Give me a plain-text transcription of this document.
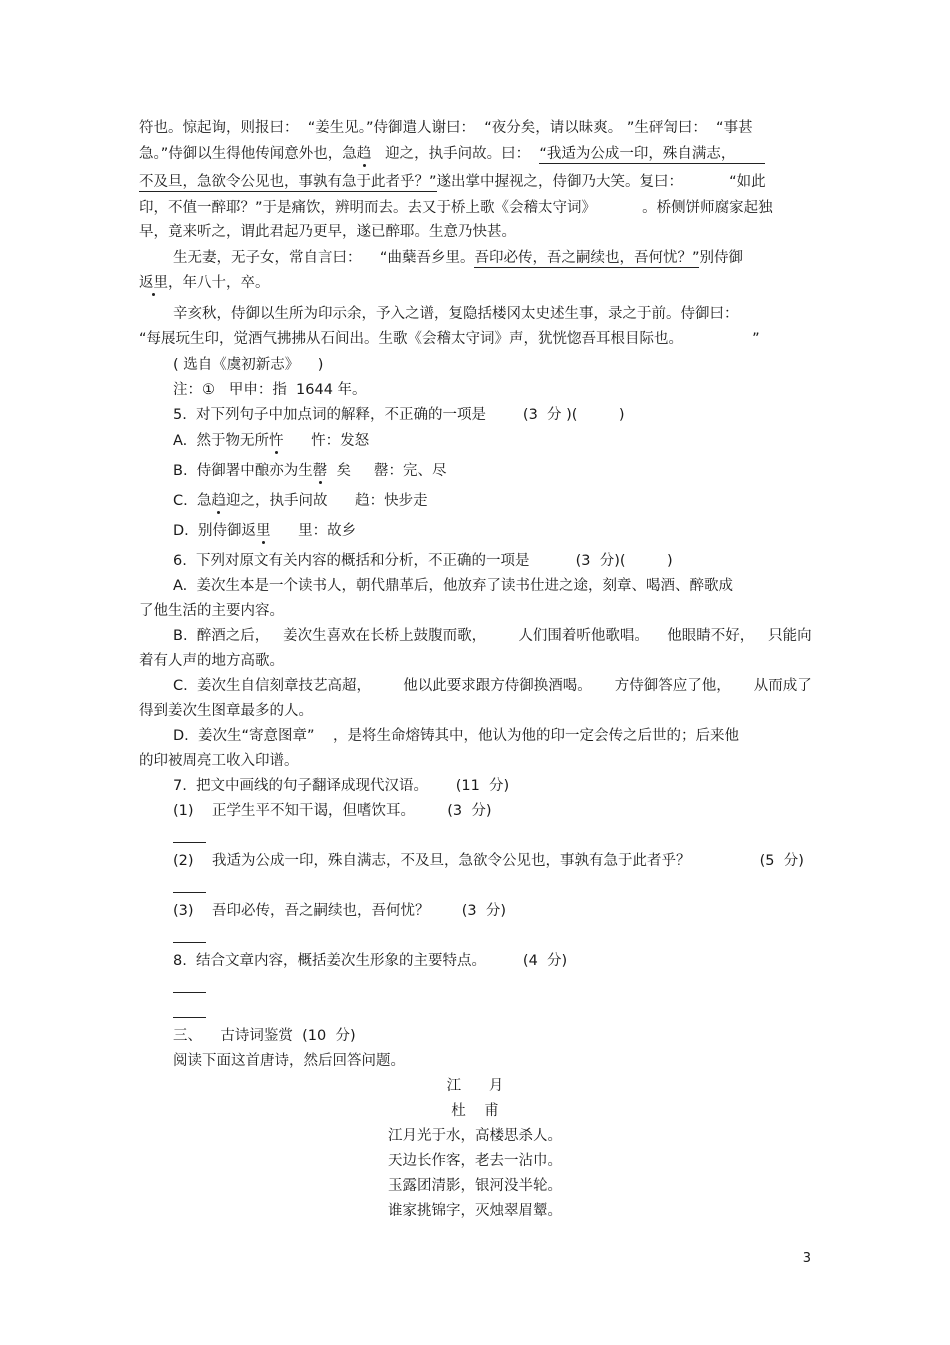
符也。惊起询，则报曰：  “姜生见。”侍御遣人谢曰：  “夜分矣，请以昧爽。 ”生砰訇曰：  “事甚
急。”侍御以生得他传闻意外也，急趋   迎之，执手问故。曰：  “我适为公成一印，殊自满志，
不及旦，急欲令公见也，事孰有急于此者乎？”遂出掌中握视之，侍御乃大笑。复曰：          “如此
印，不值一醉耶？”于是痛饮，辨明而去。去又于桥上歌《会稽太守词》          。桥侧饼师腐家起独
早，竟来听之，谓此君起乃更早，遂已醉耶。生意乃快甚。
生无妻，无子女，常自言曰：    “曲蘖吾乡里。吾印必传，吾之嗣续也，吾何忧？”别侍御
返里，年八十，卒。
辛亥秋，侍御以生所为印示余，予入之谱，复隐括楼冈太史述生事，录之于前。侍御曰：
“每展玩生印，觉酒气拂拂从石间出。生歌《会稽太守词》声，犹恍惚吾耳根目际也。               ”
( 选自《虞初新志》    )
注：①   甲申：指  1644 年。
5.  对下列句子中加点词的解释，不正确的一项是        (3  分 )(         )
A.  然于物无所忤      忤：发怒
B.  侍御署中酿亦为生罄  矣     罄：完、尽
C.  急趋迎之，执手问故      趋：快步走
D.  别侍御返里      里：故乡
6.  下列对原文有关内容的概括和分析，不正确的一项是          (3  分)(         )
A.  姜次生本是一个读书人，朝代鼎革后，他放弃了读书仕进之途，刻章、喝酒、醉歌成
了他生活的主要内容。
B.  醉酒之后，   姜次生喜欢在长桥上鼓腹而歌，       人们围着听他歌唱。    他眼睛不好，   只能向
着有人声的地方高歌。
C.  姜次生自信刻章技艺高超，       他以此要求跟方侍御换酒喝。     方侍御答应了他，     从而成了
得到姜次生图章最多的人。
D.  姜次生“寄意图章”    ，是将生命熔铸其中，他认为他的印一定会传之后世的；后来他
的印被周亮工收入印谱。
7.  把文中画线的句子翻译成现代汉语。      (11  分)
(1)    正学生平不知干谒，但嗜饮耳。       (3  分)
(2)    我适为公成一印，殊自满志，不及旦，急欲令公见也，事孰有急于此者乎？               (5  分)
(3)    吾印必传，吾之嗣续也，吾何忧？       (3  分)
8.  结合文章内容，概括姜次生形象的主要特点。        (4  分)
三、    古诗词鉴赏  (10  分)
阅读下面这首唐诗，然后回答问题。
江      月
杜    甫
江月光于水，高楼思杀人。
天边长作客，老去一沾巾。
玉露团清影，银河没半轮。
谁家挑锦字，灭烛翠眉颦。
3
